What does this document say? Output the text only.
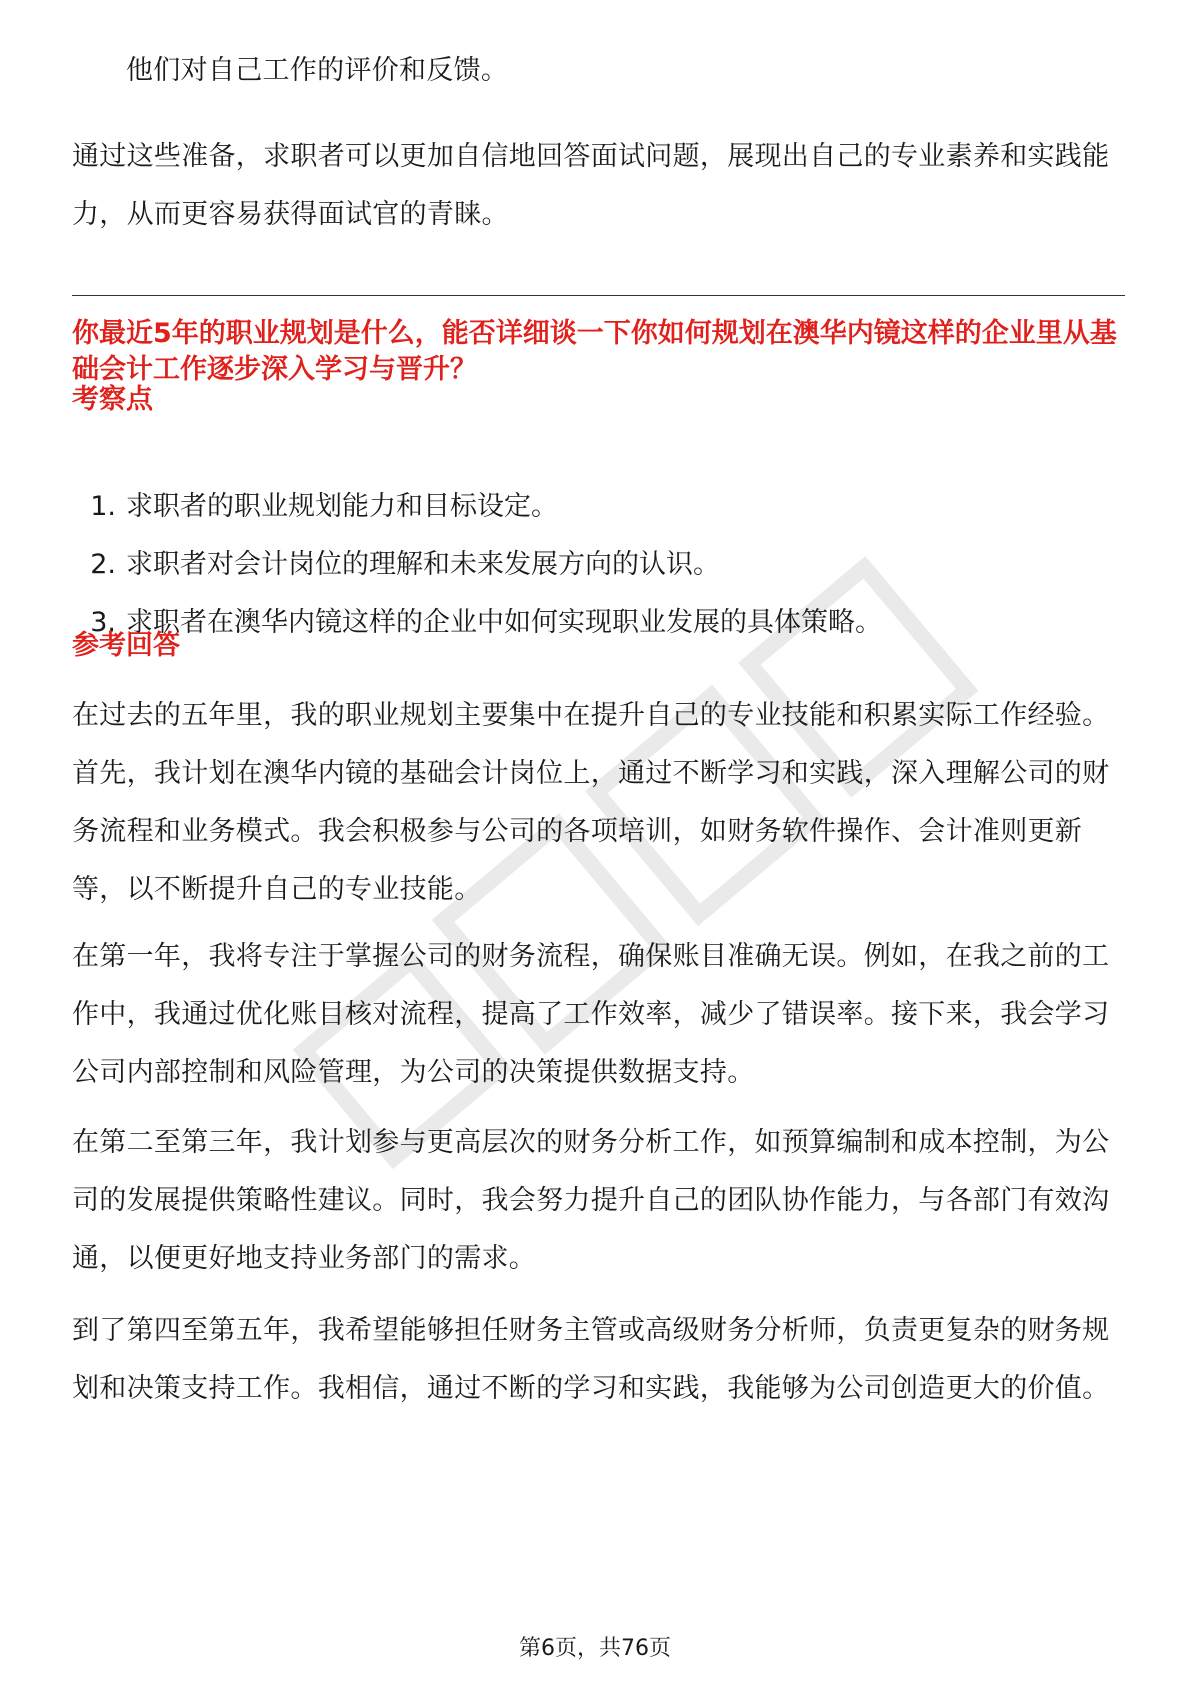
他们对自己工作的评价和反馈。

通过这些准备，求职者可以更加自信地回答面试问题，展现出自己的专业素养和实践能力，从而更容易获得面试官的青睐。

你最近5年的职业规划是什么，能否详细谈一下你如何规划在澳华内镜这样的企业里从基础会计工作逐步深入学习与晋升？
考察点
1. 求职者的职业规划能力和目标设定。
2. 求职者对会计岗位的理解和未来发展方向的认识。
3. 求职者在澳华内镜这样的企业中如何实现职业发展的具体策略。
参考回答

在过去的五年里，我的职业规划主要集中在提升自己的专业技能和积累实际工作经验。首先，我计划在澳华内镜的基础会计岗位上，通过不断学习和实践，深入理解公司的财务流程和业务模式。我会积极参与公司的各项培训，如财务软件操作、会计准则更新等，以不断提升自己的专业技能。

在第一年，我将专注于掌握公司的财务流程，确保账目准确无误。例如，在我之前的工作中，我通过优化账目核对流程，提高了工作效率，减少了错误率。接下来，我会学习公司内部控制和风险管理，为公司的决策提供数据支持。

在第二至第三年，我计划参与更高层次的财务分析工作，如预算编制和成本控制，为公司的发展提供策略性建议。同时，我会努力提升自己的团队协作能力，与各部门有效沟通，以便更好地支持业务部门的需求。

到了第四至第五年，我希望能够担任财务主管或高级财务分析师，负责更复杂的财务规划和决策支持工作。我相信，通过不断的学习和实践，我能够为公司创造更大的价值。

第6页，共76页
